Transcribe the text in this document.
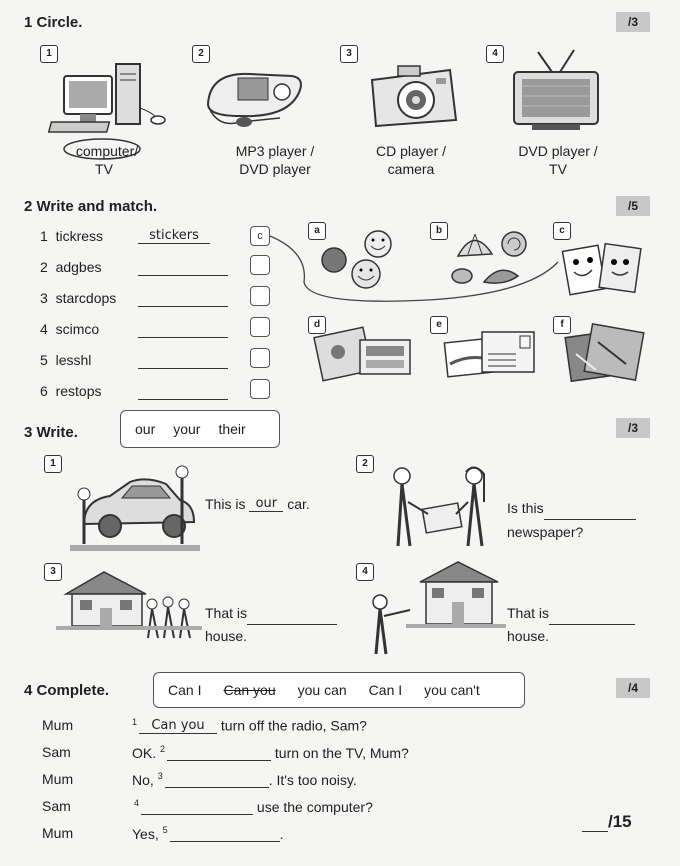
1 Circle.	/3
1	2	3	4
computer/
TV
MP3 player /
DVD player
CD player /
camera
DVD player /
TV
2 Write and match.	/5
1 tickress	stickers	c
2 adgbes
3 starcdops
4 scimco
5 lesshl
6 restops
a	b	c
d	e	f
3 Write.	our your their	/3
1	2
3	4
This is our car.	Is this
newspaper?
That is
house.
That is
house.
4 Complete.	Can I Can you you can Can I you can't	/4
Mum	$^1$ Can you turn off the radio, Sam?
Sam	OK. $^2$	turn on the TV, Mum?
Mum	No, $^3$	. It's too noisy.
Sam	$^4$	use the computer?
Mum	Yes, $^5$	.
/15
